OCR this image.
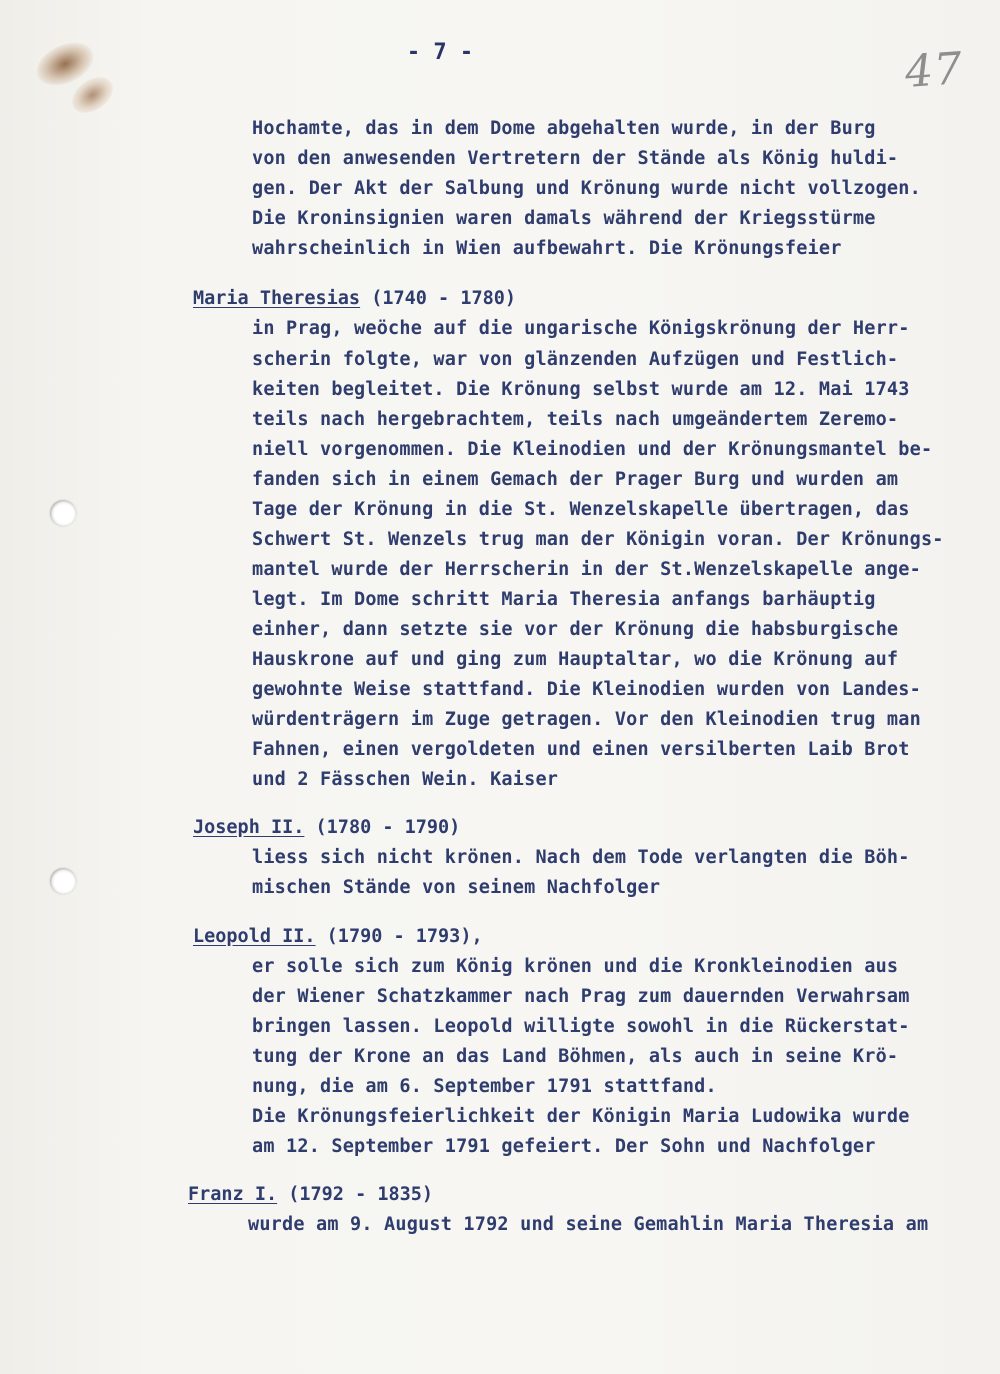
- 7 -	47
Hochamte, das in dem Dome abgehalten wurde, in der Burg
von den anwesenden Vertretern der Stände als König huldi-
gen. Der Akt der Salbung und Krönung wurde nicht vollzogen.
Die Kroninsignien waren damals während der Kriegsstürme
wahrscheinlich in Wien aufbewahrt. Die Krönungsfeier
Maria Theresias (1740 - 1780)
in Prag, weöche auf die ungarische Königskrönung der Herr-
scherin folgte, war von glänzenden Aufzügen und Festlich-
keiten begleitet. Die Krönung selbst wurde am 12. Mai 1743
teils nach hergebrachtem, teils nach umgeändertem Zeremo-
niell vorgenommen. Die Kleinodien und der Krönungsmantel be-
fanden sich in einem Gemach der Prager Burg und wurden am
Tage der Krönung in die St. Wenzelskapelle übertragen, das
Schwert St. Wenzels trug man der Königin voran. Der Krönungs-
mantel wurde der Herrscherin in der St.Wenzelskapelle ange-
legt. Im Dome schritt Maria Theresia anfangs barhäuptig
einher, dann setzte sie vor der Krönung die habsburgische
Hauskrone auf und ging zum Hauptaltar, wo die Krönung auf
gewohnte Weise stattfand. Die Kleinodien wurden von Landes-
würdenträgern im Zuge getragen. Vor den Kleinodien trug man
Fahnen, einen vergoldeten und einen versilberten Laib Brot
und 2 Fässchen Wein. Kaiser
Joseph II. (1780 - 1790)
liess sich nicht krönen. Nach dem Tode verlangten die Böh-
mischen Stände von seinem Nachfolger
Leopold II. (1790 - 1793),
er solle sich zum König krönen und die Kronkleinodien aus
der Wiener Schatzkammer nach Prag zum dauernden Verwahrsam
bringen lassen. Leopold willigte sowohl in die Rückerstat-
tung der Krone an das Land Böhmen, als auch in seine Krö-
nung, die am 6. September 1791 stattfand.
Die Krönungsfeierlichkeit der Königin Maria Ludowika wurde
am 12. September 1791 gefeiert. Der Sohn und Nachfolger
Franz I. (1792 - 1835)
wurde am 9. August 1792 und seine Gemahlin Maria Theresia am
